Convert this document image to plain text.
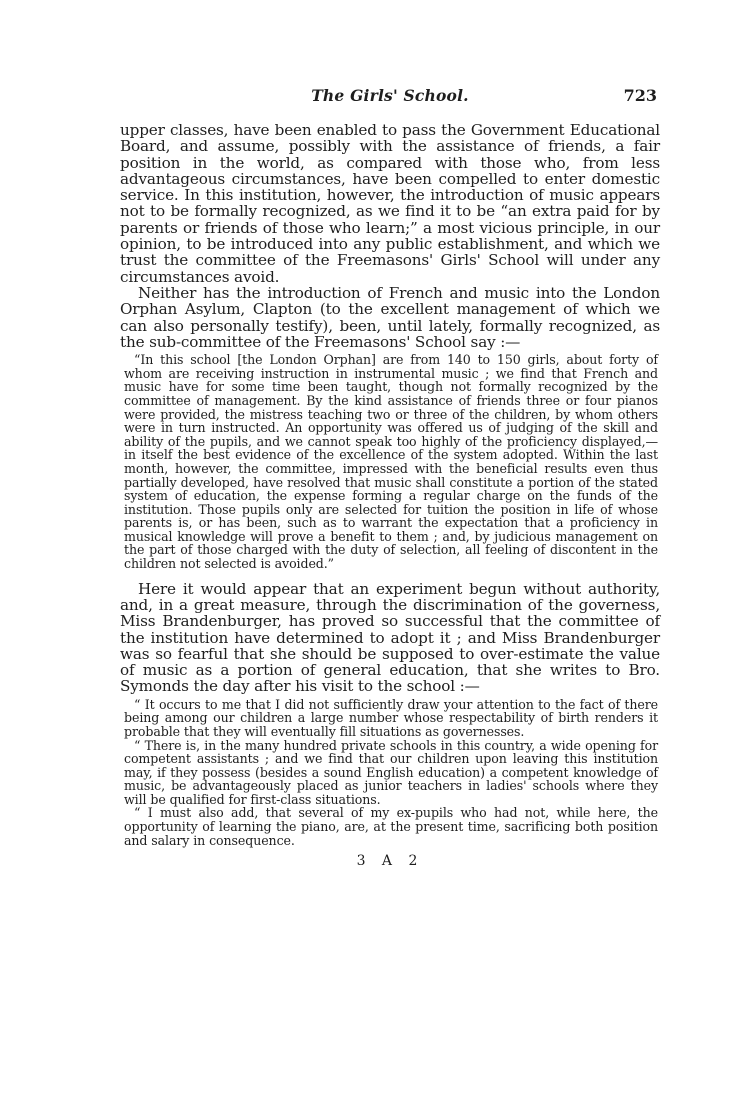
The Girls' School.	723

upper classes, have been enabled to pass the Government Educational Board, and assume, possibly with the assistance of friends, a fair position in the world, as compared with those who, from less advantageous circumstances, have been compelled to enter domestic service. In this institution, however, the introduction of music appears not to be formally recognized, as we find it to be “an extra paid for by parents or friends of those who learn;” a most vicious principle, in our opinion, to be introduced into any public establishment, and which we trust the committee of the Freemasons' Girls' School will under any circumstances avoid.

Neither has the introduction of French and music into the London Orphan Asylum, Clapton (to the excellent management of which we can also personally testify), been, until lately, formally recognized, as the sub-committee of the Freemasons' School say :—

“In this school [the London Orphan] are from 140 to 150 girls, about forty of whom are receiving instruction in instrumental music ; we find that French and music have for some time been taught, though not formally recognized by the committee of management. By the kind assistance of friends three or four pianos were provided, the mistress teaching two or three of the children, by whom others were in turn instructed. An opportunity was offered us of judging of the skill and ability of the pupils, and we cannot speak too highly of the proficiency displayed,—in itself the best evidence of the excellence of the system adopted. Within the last month, however, the committee, impressed with the beneficial results even thus partially developed, have resolved that music shall constitute a portion of the stated system of education, the expense forming a regular charge on the funds of the institution. Those pupils only are selected for tuition the position in life of whose parents is, or has been, such as to warrant the expectation that a proficiency in musical knowledge will prove a benefit to them ; and, by judicious management on the part of those charged with the duty of selection, all feeling of discontent in the children not selected is avoided.”

Here it would appear that an experiment begun without authority, and, in a great measure, through the discrimination of the governess, Miss Brandenburger, has proved so successful that the committee of the institution have determined to adopt it ; and Miss Brandenburger was so fearful that she should be supposed to over-estimate the value of music as a portion of general education, that she writes to Bro. Symonds the day after his visit to the school :—

“ It occurs to me that I did not sufficiently draw your attention to the fact of there being among our children a large number whose respectability of birth renders it probable that they will eventually fill situations as governesses.

“ There is, in the many hundred private schools in this country, a wide opening for competent assistants ; and we find that our children upon leaving this institution may, if they possess (besides a sound English education) a competent knowledge of music, be advantageously placed as junior teachers in ladies' schools where they will be qualified for first-class situations.

“ I must also add, that several of my ex-pupils who had not, while here, the opportunity of learning the piano, are, at the present time, sacrificing both position and salary in consequence.

3 A 2
